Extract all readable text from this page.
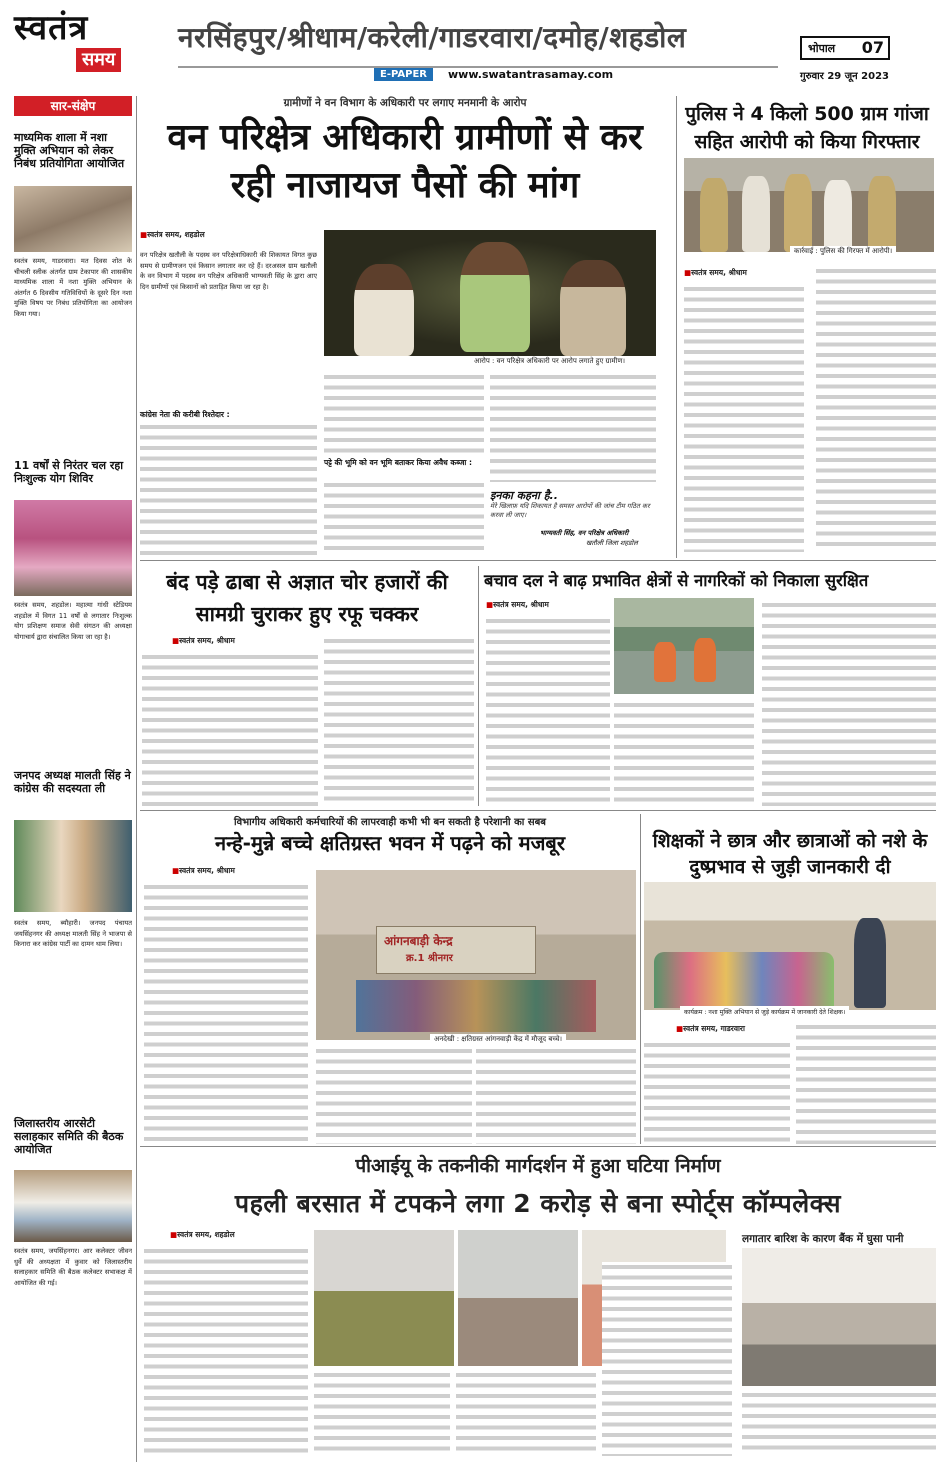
स्वतंत्र
समय
नरसिंहपुर/श्रीधाम/करेली/गाडरवारा/दमोह/शहडोल
E-PAPER	www.swatantrasamay.com
भोपाल 07
गुरुवार 29 जून 2023
सार-संक्षेप
माध्यमिक शाला में नशा मुक्ति अभियान को लेकर निबंध प्रतियोगिता आयोजित
स्वतंत्र समय, गाडरवारा। मत दिवस शोत के चीचली स्लीक अंतर्गत ग्राम टेकापार की शासकीय माध्यमिक शाला में नशा मुक्ति अभियान के अंतर्गत 6 दिवसीय गतिविधियों के दूसरे दिन नशा मुक्ति विषय पर निबंध प्रतियोगिता का आयोजन किया गया।
11 वर्षों से निरंतर चल रहा निःशुल्क योग शिविर
स्वतंत्र समय, शहडोल। महात्मा गांधी स्टेडियम शहडोल में विगत 11 वर्षों से लगातार निःशुल्क योग प्रशिक्षण समाज सेवी संगठन की अध्यक्षा योगाचार्य द्वारा संचालित किया जा रहा है।
जनपद अध्यक्ष मालती सिंह ने कांग्रेस की सदस्यता ली
स्वतंत्र समय, ब्यौहारी। जनपद पंचायत जयसिंहनगर की अध्यक्ष मालती सिंह ने भाजपा से किनारा कर कांग्रेस पार्टी का दामन थाम लिया।
जिलास्तरीय आरसेटी सलाहकार समिति की बैठक आयोजित
स्वतंत्र समय, जयसिंहनगर। आर कलेक्टर जीवन धुर्वे की अध्यक्षता में कुवार को जिलास्तरीय सलाहकार समिति की बैठक कलेक्टर सभाकक्ष में आयोजित की गई।
ग्रामीणों ने वन विभाग के अधिकारी पर लगाए मनमानी के आरोप
वन परिक्षेत्र अधिकारी ग्रामीणों से कर रही नाजायज पैसों की मांग
■ स्वतंत्र समय, शहडोल
वन परिक्षेत्र खतौली के पदस्थ वन परिक्षेत्राधिकारी की शिकायत विगत कुछ समय से ग्रामीणजन एवं किसान लगातार कर रहे हैं। दरअसल ग्राम खतौली के वन विभाग में पदस्थ वन परिक्षेत्र अधिकारी भाग्यवती सिंह के द्वारा आए दिन ग्रामीणों एवं किसानों को प्रताड़ित किया जा रहा है।
कांग्रेस नेता की करीबी रिश्तेदार :
आरोप : वन परिक्षेत्र अधिकारी पर आरोप लगाते हुए ग्रामीण।
पट्टे की भूमि को वन भूमि बताकर किया अवैध कब्जा :
इनका कहना है..
मेरे खिलाफ़ यदि शिकायत है समस्त आरोपों की जांच टीम गठित कर करवा ली जाए।
भाग्यवती सिंह, वन परिक्षेत्र अधिकारी
खतौली जिला शहडोल
पुलिस ने 4 किलो 500 ग्राम गांजा सहित आरोपी को किया गिरफ्तार
कार्रवाई : पुलिस की गिरफ्त में आरोपी।
■ स्वतंत्र समय, श्रीधाम
बंद पड़े ढाबा से अज्ञात चोर हजारों की सामग्री चुराकर हुए रफू चक्कर
■ स्वतंत्र समय, श्रीधाम
बचाव दल ने बाढ़ प्रभावित क्षेत्रों से नागरिकों को निकाला सुरक्षित
■ स्वतंत्र समय, श्रीधाम
विभागीय अधिकारी कर्मचारियों की लापरवाही कभी भी बन सकती है परेशानी का सबब
नन्हे-मुन्ने बच्चे क्षतिग्रस्त भवन में पढ़ने को मजबूर
■ स्वतंत्र समय, श्रीधाम
आंगनबाड़ी केन्द्र
क्र.1 श्रीनगर
अनदेखी : क्षतिग्रस्त आंगनवाड़ी केंद्र में मौजूद बच्चे।
शिक्षकों ने छात्र और छात्राओं को नशे के दुष्प्रभाव से जुड़ी जानकारी दी
कार्यक्रम : नशा मुक्ति अभियान से जुड़े कार्यक्रम में जानकारी देते शिक्षक।
■ स्वतंत्र समय, गाडरवारा
पीआईयू के तकनीकी मार्गदर्शन में हुआ घटिया निर्माण
पहली बरसात में टपकने लगा 2 करोड़ से बना स्पोर्ट्स कॉम्पलेक्स
■ स्वतंत्र समय, शहडोल	लगातार बारिश के कारण बैंक में घुसा पानी
